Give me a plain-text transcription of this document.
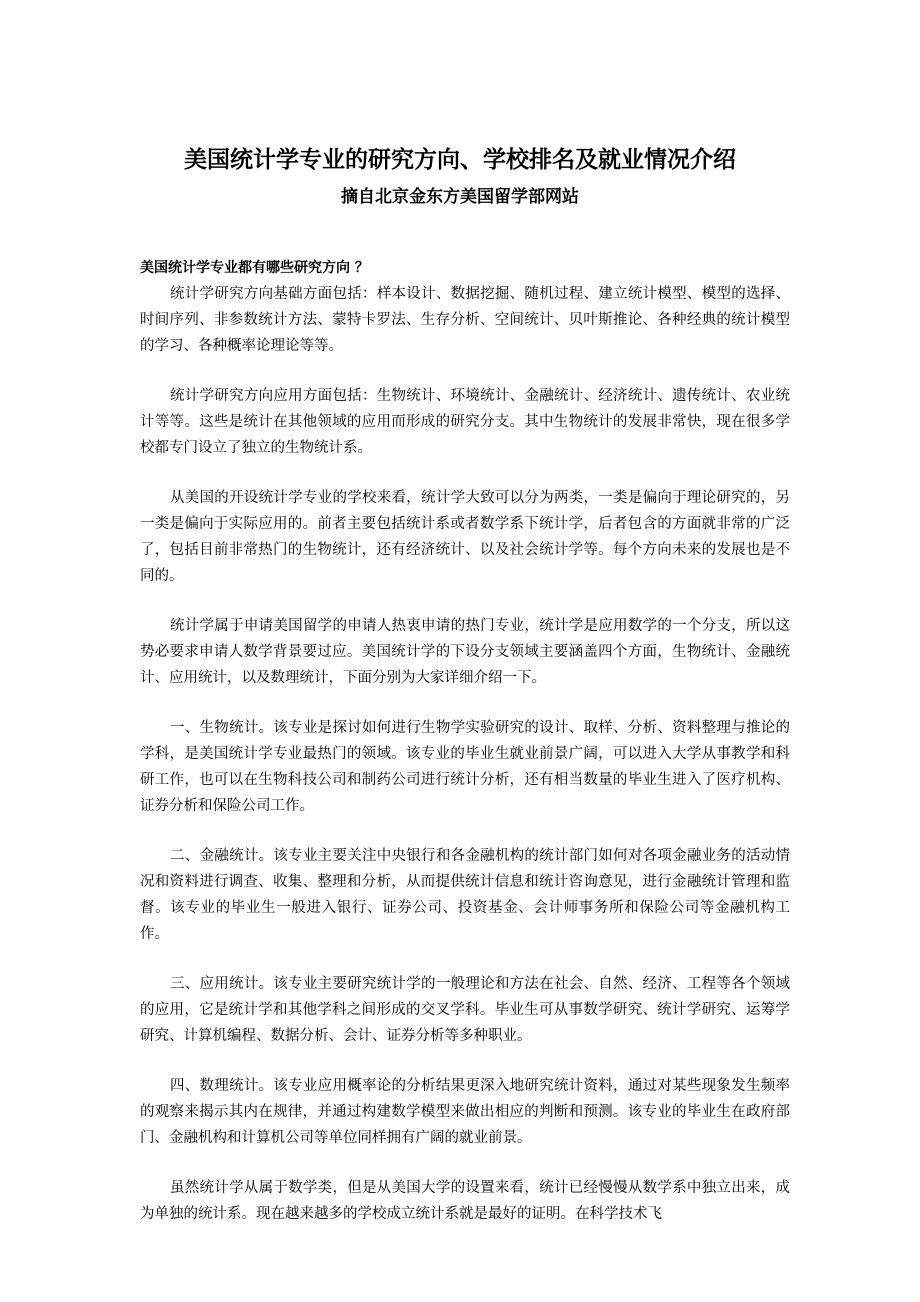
美国统计学专业的研究方向、学校排名及就业情况介绍
摘自北京金东方美国留学部网站

美国统计学专业都有哪些研究方向 ？

统计学研究方向基础方面包括：样本设计、数据挖掘、随机过程、建立统计模型、模型的选择、时间序列、非参数统计方法、蒙特卡罗法、生存分析、空间统计、贝叶斯推论、各种经典的统计模型的学习、各种概率论理论等等。

统计学研究方向应用方面包括：生物统计、环境统计、金融统计、经济统计、遗传统计、农业统计等等。这些是统计在其他领域的应用而形成的研究分支。其中生物统计的发展非常快，现在很多学校都专门设立了独立的生物统计系。

从美国的开设统计学专业的学校来看，统计学大致可以分为两类，一类是偏向于理论研究的，另一类是偏向于实际应用的。前者主要包括统计系或者数学系下统计学，后者包含的方面就非常的广泛了，包括目前非常热门的生物统计，还有经济统计、以及社会统计学等。每个方向未来的发展也是不同的。

统计学属于申请美国留学的申请人热衷申请的热门专业，统计学是应用数学的一个分支，所以这势必要求申请人数学背景要过应。美国统计学的下设分支领域主要涵盖四个方面，生物统计、金融统计、应用统计，以及数理统计，下面分别为大家详细介绍一下。

一、生物统计。该专业是探讨如何进行生物学实验研究的设计、取样、分析、资料整理与推论的学科，是美国统计学专业最热门的领域。该专业的毕业生就业前景广阔，可以进入大学从事教学和科研工作，也可以在生物科技公司和制药公司进行统计分析，还有相当数量的毕业生进入了医疗机构、证券分析和保险公司工作。

二、金融统计。该专业主要关注中央银行和各金融机构的统计部门如何对各项金融业务的活动情况和资料进行调查、收集、整理和分析，从而提供统计信息和统计咨询意见，进行金融统计管理和监督。该专业的毕业生一般进入银行、证券公司、投资基金、会计师事务所和保险公司等金融机构工作。

三、应用统计。该专业主要研究统计学的一般理论和方法在社会、自然、经济、工程等各个领域的应用，它是统计学和其他学科之间形成的交叉学科。毕业生可从事数学研究、统计学研究、运筹学研究、计算机编程、数据分析、会计、证券分析等多种职业。

四、数理统计。该专业应用概率论的分析结果更深入地研究统计资料，通过对某些现象发生频率的观察来揭示其内在规律，并通过构建数学模型来做出相应的判断和预测。该专业的毕业生在政府部门、金融机构和计算机公司等单位同样拥有广阔的就业前景。

虽然统计学从属于数学类，但是从美国大学的设置来看，统计已经慢慢从数学系中独立出来，成为单独的统计系。现在越来越多的学校成立统计系就是最好的证明。在科学技术飞
